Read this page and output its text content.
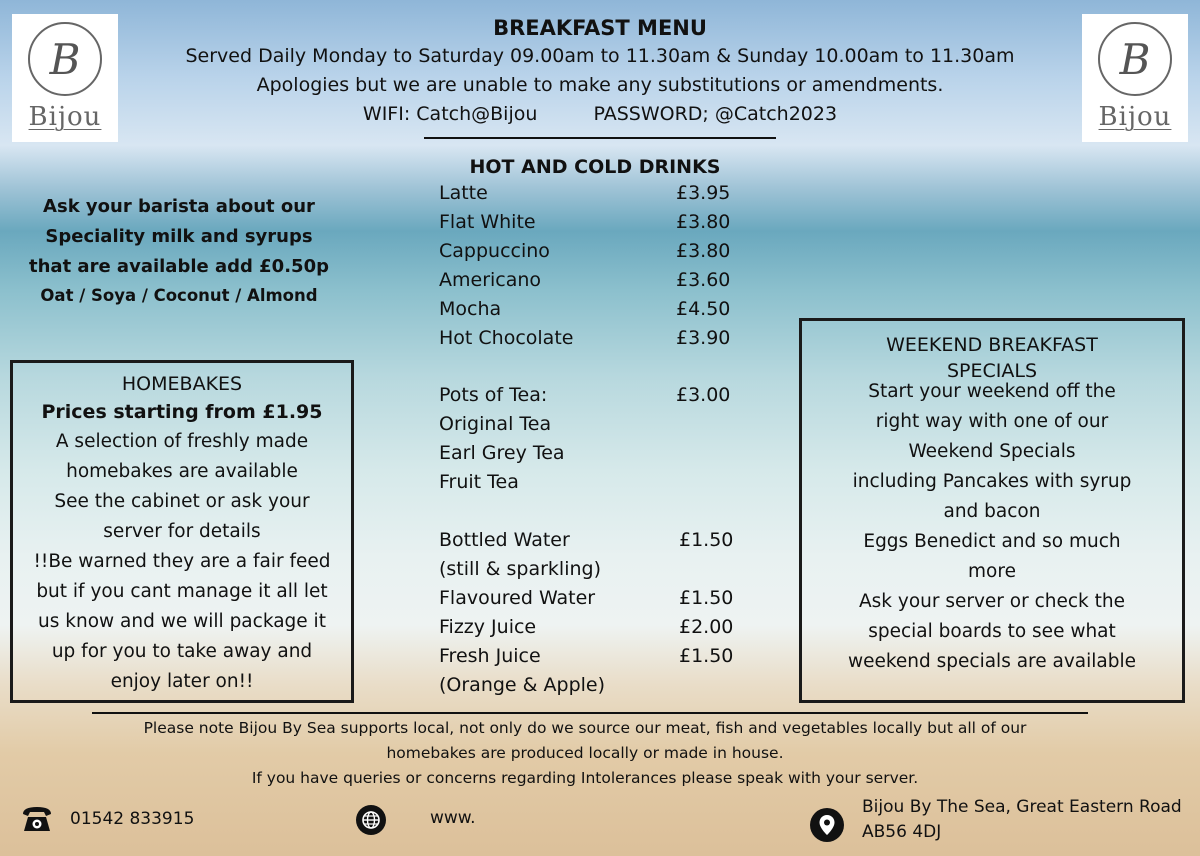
B
Bijou
B
Bijou
BREAKFAST MENU
Served Daily Monday to Saturday 09.00am to 11.30am & Sunday 10.00am to 11.30am
Apologies but we are unable to make any substitutions or amendments.
WIFI: Catch@Bijou	PASSWORD; @Catch2023
Ask your barista about our
Speciality milk and syrups
that are available add £0.50p
Oat / Soya / Coconut / Almond
HOMEBAKES
Prices starting from £1.95
A selection of freshly made
homebakes are available
See the cabinet or ask your
server for details
!!Be warned they are a fair feed
but if you cant manage it all let
us know and we will package it
up for you to take away and
enjoy later on!!
HOT AND COLD DRINKS
Latte	£3.95
Flat White	£3.80
Cappuccino	£3.80
Americano	£3.60
Mocha	£4.50
Hot Chocolate	£3.90
Pots of Tea:	£3.00
Original Tea
Earl Grey Tea
Fruit Tea
Bottled Water	£1.50
(still & sparkling)
Flavoured Water	£1.50
Fizzy Juice	£2.00
Fresh Juice	£1.50
(Orange & Apple)
WEEKEND BREAKFAST
SPECIALS
Start your weekend off the
right way with one of our
Weekend Specials
including Pancakes with syrup
and bacon
Eggs Benedict and so much
more
Ask your server or check the
special boards to see what
weekend specials are available
Please note Bijou By Sea supports local, not only do we source our meat, fish and vegetables locally but all of our
homebakes are produced locally or made in house.
If you have queries or concerns regarding Intolerances please speak with your server.
01542 833915	www.
Bijou By The Sea, Great Eastern Road
AB56 4DJ
